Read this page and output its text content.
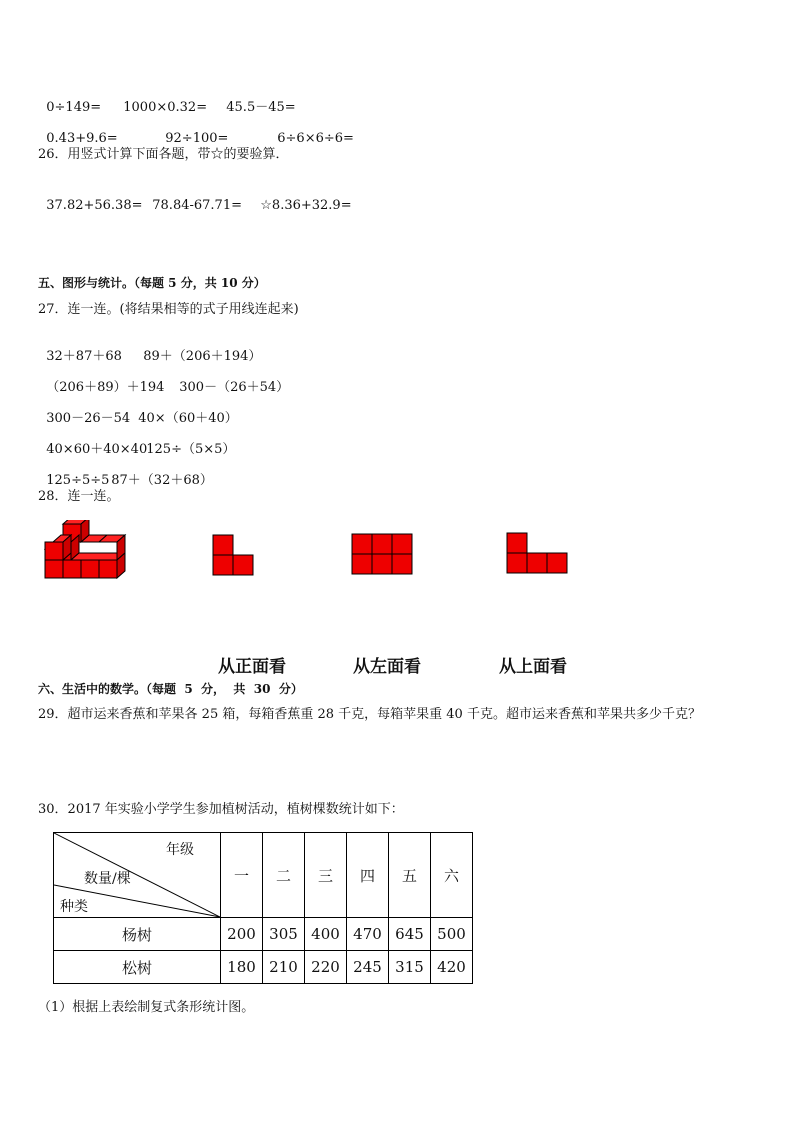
0÷149= 1000×0.32= 45.5－45=

0.43+9.6=	92÷100=	6÷6×6÷6=

26．用竖式计算下面各题，带☆的要验算．

37.82+56.38= 78.84-67.71= ☆8.36+32.9=

五、图形与统计。（每题 5 分，共 10 分）
27．连一连。(将结果相等的式子用线连起来)

32＋87＋68 89＋（206＋194）

（206＋89）＋194 300－（26＋54）

300－26－54 40×（60＋40）

40×60＋40×40125÷（5×5）

125÷5÷5 87＋（32＋68）

28．连一连。
从正面看	从左面看	从上面看
六、生活中的数学。（每题  5  分，  共  30  分）
29．超市运来香蕉和苹果各 25 箱，每箱香蕉重 28 千克，每箱苹果重 40 千克。超市运来香蕉和苹果共多少千克？
30．2017 年实验小学学生参加植树活动，植树棵数统计如下：
年级
数量/棵
种类	一	二	三	四	五	六
杨树	200	305	400	470	645	500
松树	180	210	220	245	315	420
（1）根据上表绘制复式条形统计图。
